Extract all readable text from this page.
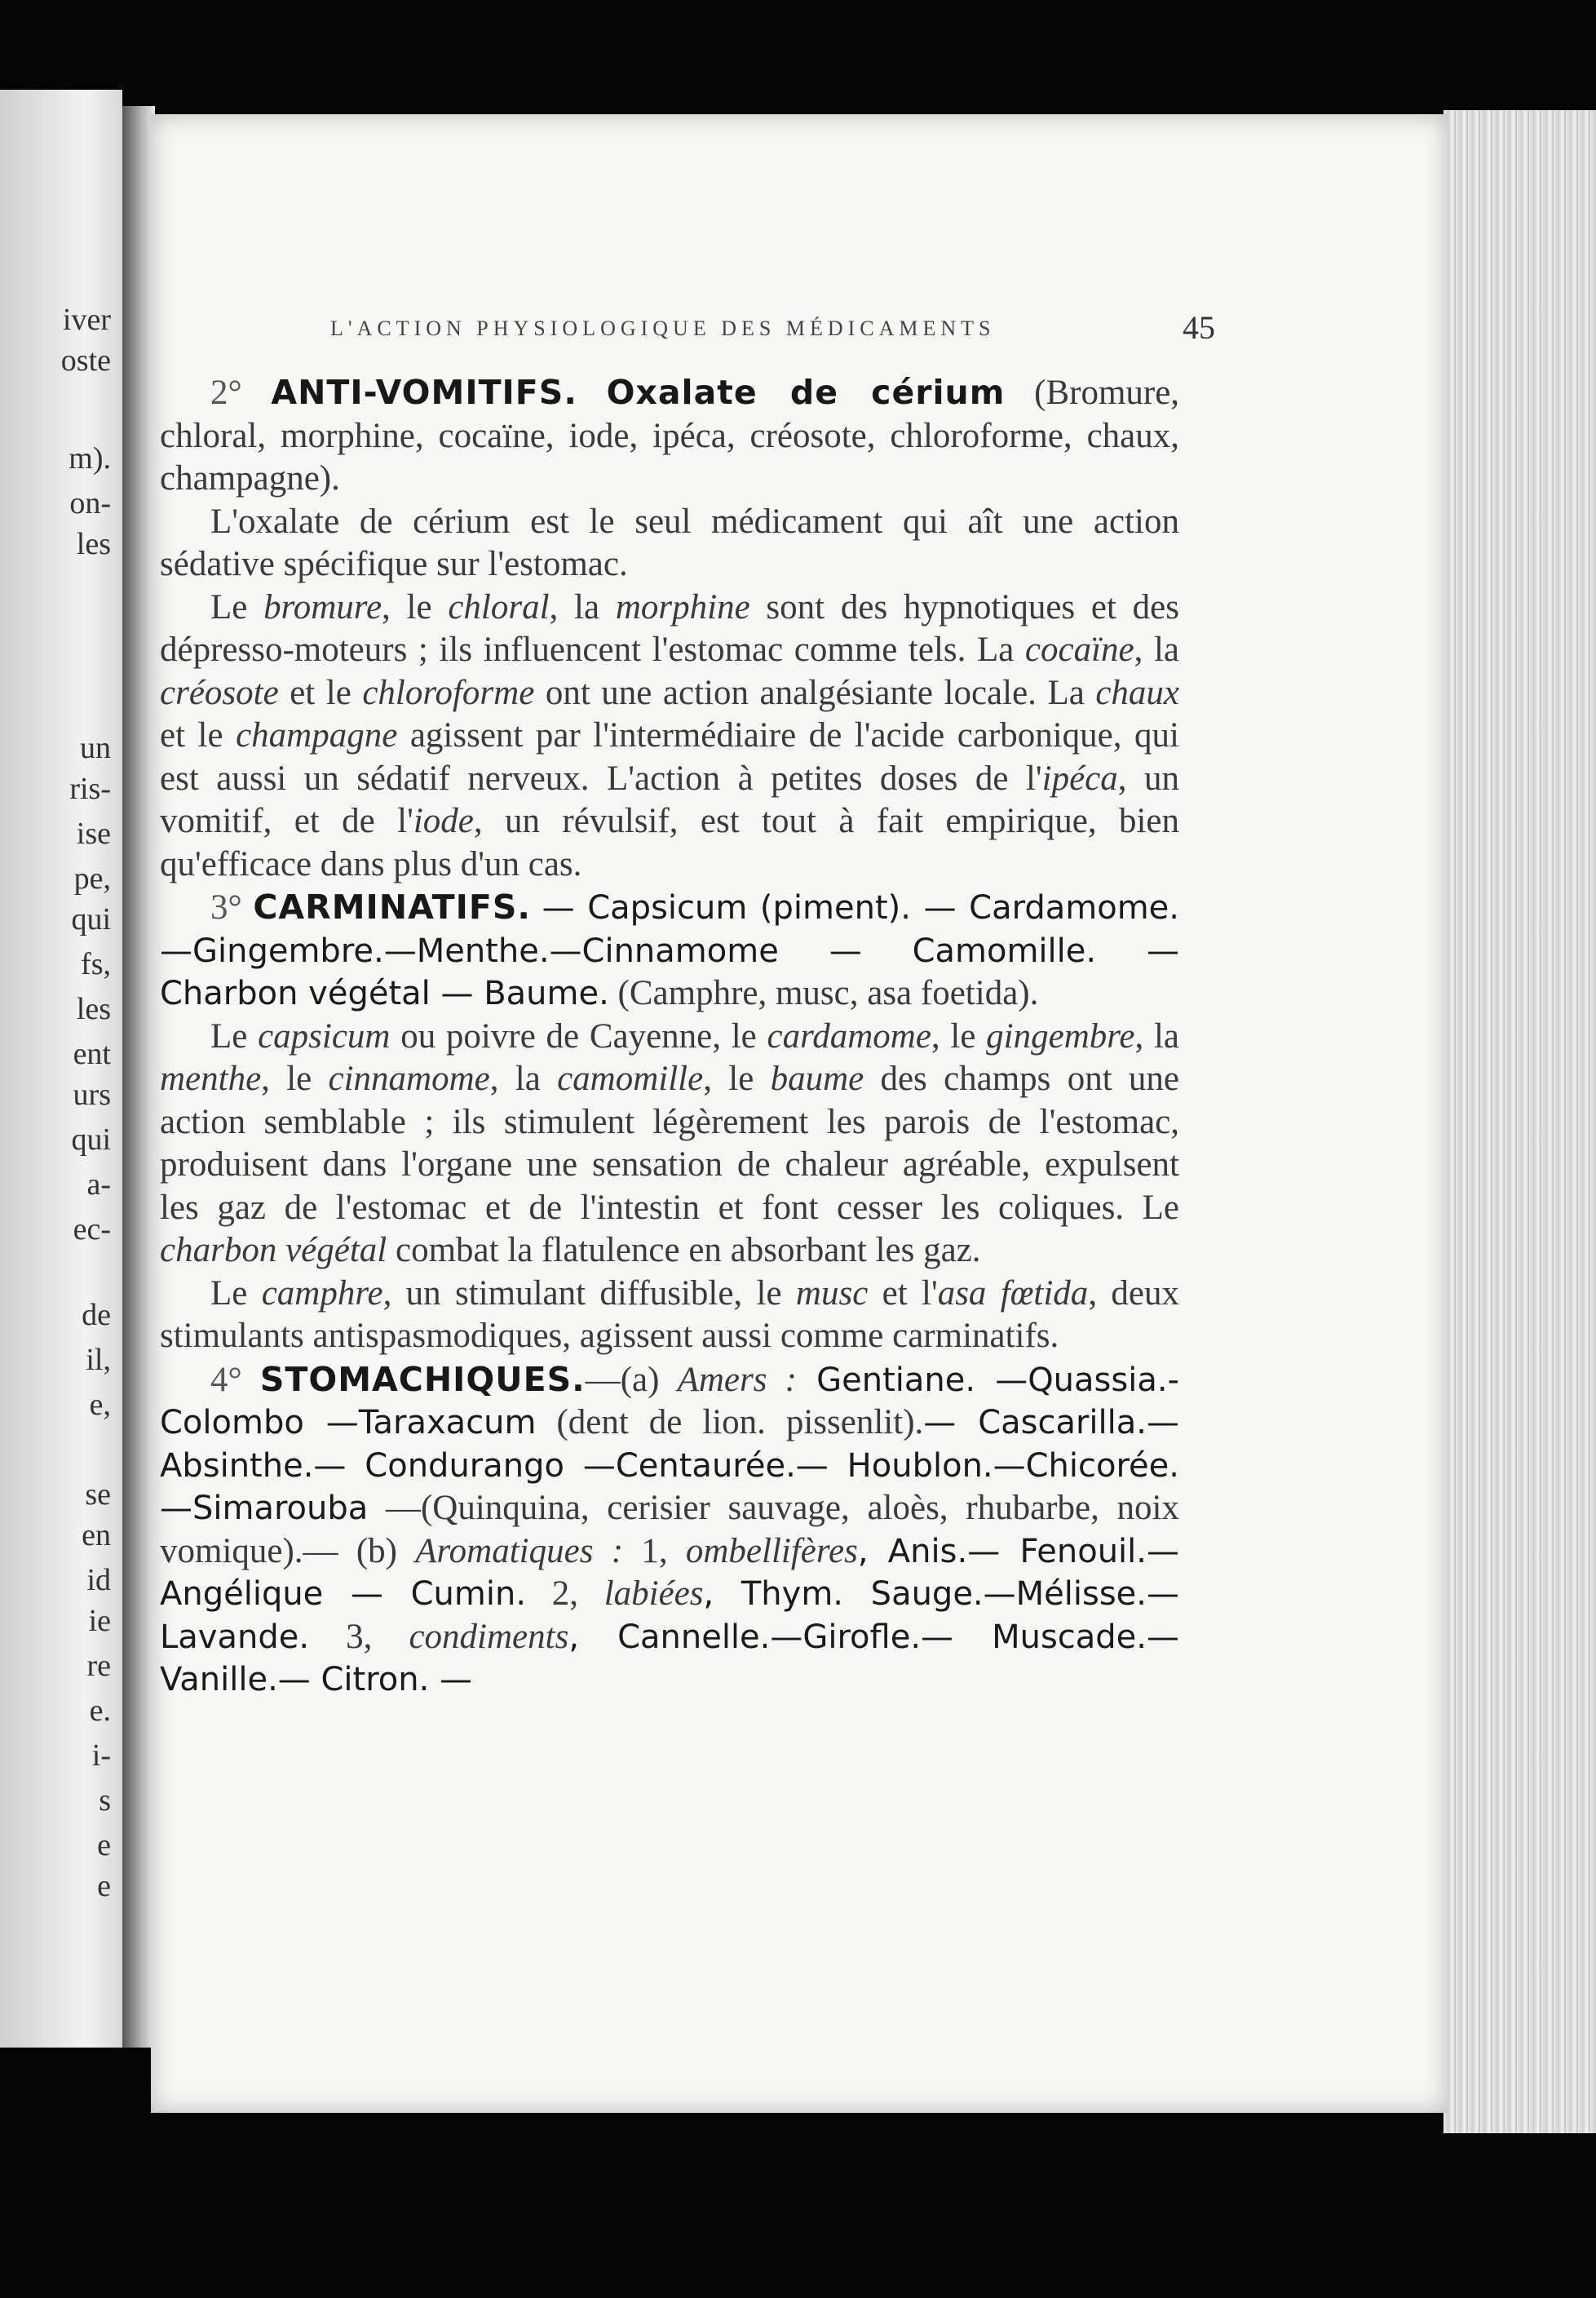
iver
oste
m).
on-
les
un
ris-
ise
pe,
qui
fs,
les
ent
urs
qui
a-
ec-
de
il,
e,
se
en
id
ie
re
e.
i-
s
e
e
L'ACTION PHYSIOLOGIQUE DES MÉDICAMENTS	45

2° ANTI-VOMITIFS. Oxalate de cérium (Bromure, chloral, morphine, cocaïne, iode, ipéca, créosote, chloroforme, chaux, champagne).

L'oxalate de cérium est le seul médicament qui aît une action sédative spécifique sur l'estomac.

Le bromure, le chloral, la morphine sont des hypnotiques et des dépresso-moteurs ; ils influencent l'estomac comme tels. La cocaïne, la créosote et le chloroforme ont une action analgésiante locale. La chaux et le champagne agissent par l'intermédiaire de l'acide carbonique, qui est aussi un sédatif nerveux. L'action à petites doses de l'ipéca, un vomitif, et de l'iode, un révulsif, est tout à fait empirique, bien qu'efficace dans plus d'un cas.

3° CARMINATIFS. — Capsicum (piment). — Cardamome.—Gingembre.—Menthe.—Cinnamome — Camomille. — Charbon végétal — Baume. (Camphre, musc, asa foetida).

Le capsicum ou poivre de Cayenne, le cardamome, le gingembre, la menthe, le cinnamome, la camomille, le baume des champs ont une action semblable ; ils stimulent légèrement les parois de l'estomac, produisent dans l'organe une sensation de chaleur agréable, expulsent les gaz de l'estomac et de l'intestin et font cesser les coliques. Le charbon végétal combat la flatulence en absorbant les gaz.

Le camphre, un stimulant diffusible, le musc et l'asa fœtida, deux stimulants antispasmodiques, agissent aussi comme carminatifs.

4° STOMACHIQUES.—(a) Amers : Gentiane. —Quassia.- Colombo —Taraxacum (dent de lion. pissenlit).— Cascarilla.— Absinthe.— Condurango —Centaurée.— Houblon.—Chicorée.—Simarouba —(Quinquina, cerisier sauvage, aloès, rhubarbe, noix vomique).— (b) Aromatiques : 1, ombellifères, Anis.— Fenouil.—Angélique — Cumin. 2, labiées, Thym. Sauge.—Mélisse.—Lavande. 3, condiments, Cannelle.—Girofle.— Muscade.— Vanille.— Citron. —
